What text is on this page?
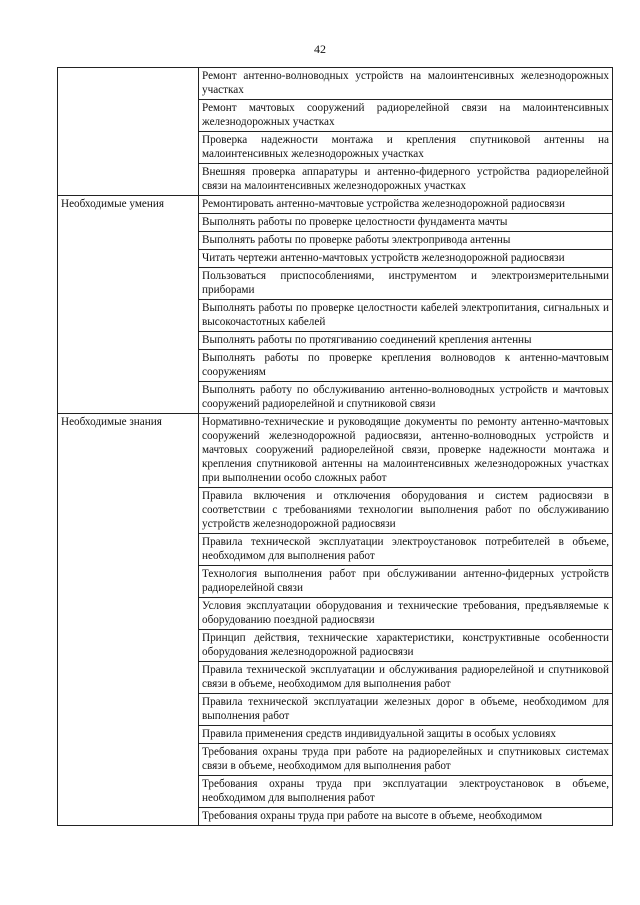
42
	Ремонт антенно-волноводных устройств на малоинтенсивных железнодорожных участках
	Ремонт мачтовых сооружений радиорелейной связи на малоинтенсивных железнодорожных участках
	Проверка надежности монтажа и крепления спутниковой антенны на малоинтенсивных железнодорожных участках
	Внешняя проверка аппаратуры и антенно-фидерного устройства радиорелейной связи на малоинтенсивных железнодорожных участках
Необходимые умения	Ремонтировать антенно-мачтовые устройства железнодорожной радиосвязи
	Выполнять работы по проверке целостности фундамента мачты
	Выполнять работы по проверке работы электропривода антенны
	Читать чертежи антенно-мачтовых устройств железнодорожной радиосвязи
	Пользоваться приспособлениями, инструментом и электроизмерительными приборами
	Выполнять работы по проверке целостности кабелей электропитания, сигнальных и высокочастотных кабелей
	Выполнять работы по протягиванию соединений крепления антенны
	Выполнять работы по проверке крепления волноводов к антенно-мачтовым сооружениям
	Выполнять работу по обслуживанию антенно-волноводных устройств и мачтовых сооружений радиорелейной и спутниковой связи
Необходимые знания	Нормативно-технические и руководящие документы по ремонту антенно-мачтовых сооружений железнодорожной радиосвязи, антенно-волноводных устройств и мачтовых сооружений радиорелейной связи, проверке надежности монтажа и крепления спутниковой антенны на малоинтенсивных железнодорожных участках при выполнении особо сложных работ
	Правила включения и отключения оборудования и систем радиосвязи в соответствии с требованиями технологии выполнения работ по обслуживанию устройств железнодорожной радиосвязи
	Правила технической эксплуатации электроустановок потребителей в объеме, необходимом для выполнения работ
	Технология выполнения работ при обслуживании антенно-фидерных устройств радиорелейной связи
	Условия эксплуатации оборудования и технические требования, предъявляемые к оборудованию поездной радиосвязи
	Принцип действия, технические характеристики, конструктивные особенности оборудования железнодорожной радиосвязи
	Правила технической эксплуатации и обслуживания радиорелейной и спутниковой связи в объеме, необходимом для выполнения работ
	Правила технической эксплуатации железных дорог в объеме, необходимом для выполнения работ
	Правила применения средств индивидуальной защиты в особых условиях
	Требования охраны труда при работе на радиорелейных и спутниковых системах связи в объеме, необходимом для выполнения работ
	Требования охраны труда при эксплуатации электроустановок в объеме, необходимом для выполнения работ
	Требования охраны труда при работе на высоте в объеме, необходимом
